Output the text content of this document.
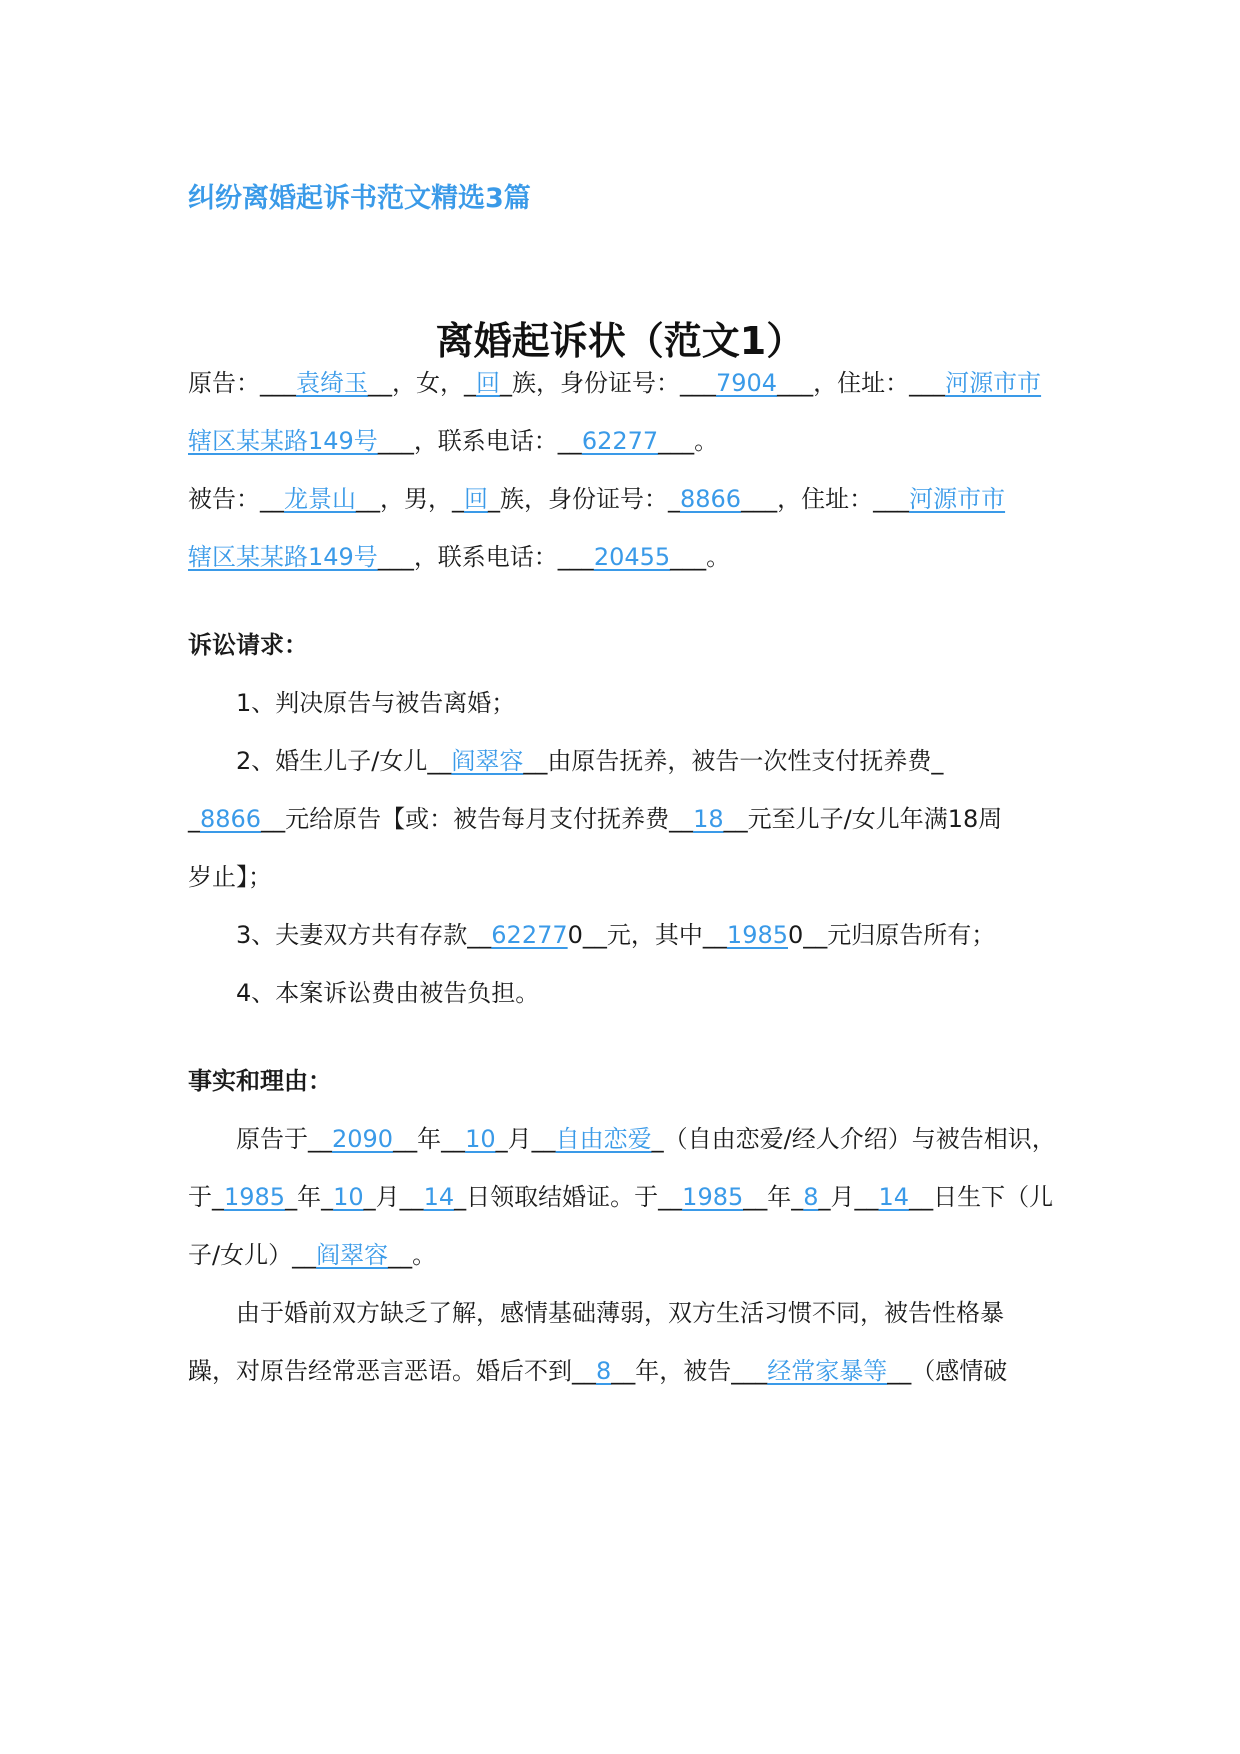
纠纷离婚起诉书范文精选3篇
离婚起诉状（范文1）
原告：___袁绮玉__，女，_回_族，身份证号：___7904___，住址：___河源市市
辖区某某路149号___，联系电话：__62277___。
被告：__龙景山__，男，_回_族，身份证号：_8866___，住址：___河源市市
辖区某某路149号___，联系电话：___20455___。
诉讼请求：
1、判决原告与被告离婚；
2、婚生儿子/女儿__阎翠容__由原告抚养，被告一次性支付抚养费_
_8866__元给原告【或：被告每月支付抚养费__18__元至儿子/女儿年满18周
岁止】；
3、夫妻双方共有存款__622770__元，其中__19850__元归原告所有；
4、本案诉讼费由被告负担。
事实和理由：
原告于__2090__年__10_月__自由恋爱_（自由恋爱/经人介绍）与被告相识，
于_1985_年_10_月__14_日领取结婚证。于__1985__年_8_月__14__日生下（儿
子/女儿）__阎翠容__。
由于婚前双方缺乏了解，感情基础薄弱，双方生活习惯不同，被告性格暴
躁，对原告经常恶言恶语。婚后不到__8__年，被告___经常家暴等__（感情破
